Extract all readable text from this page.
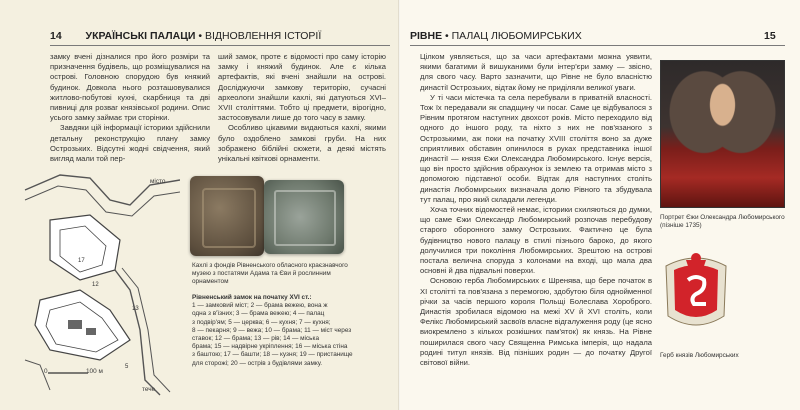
14 УКРАЇНСЬКІ ПАЛАЦИ • ВІДНОВЛЕННЯ ІСТОРІЇ

замку вчені дізналися про його розміри та призначення будівель, що розміщувалися на острові. Головною спорудою був княжий будинок. Довкола нього розташовувалися житлово-побутові кухні, скарбниця та дві пивниці для розваг князівської родини. Опис усього замку займає три сторінки.

Завдяки цій інформації історики здійснили детальну реконструкцію плану замку Острозьких. Відсутні жодні свідчення, який вигляд мали той пер-

ший замок, проте є відомості про саму історію замку і княжий будинок. Але є кілька артефактів, які вчені знайшли на острові. Досліджуючи замкову територію, сучасні археологи знайшли кахлі, які датуються XVI–XVII століттями. Тобто ці предмети, вірогідно, застосовували лише до того часу в замку.

Особливо цікавими видаються кахлі, якими було оздоблено замкові груби. На них зображено біблійні сюжети, а деякі містять унікальні квіткові орнаменти.

5
12
13
17
місто
0	100 м
тече
Кахлі з фондів Рівненського обласного краєзнавчого музею з постатями Адама та Єви й рослинним орнаментом
Рівненський замок на початку XVI ст.:
1 — замковий міст; 2 — брама вежею, вона ж
одна з в'їзних; 3 — брама вежею; 4 — палац
з подвір'ям; 5 — церква; 6 — кухня; 7 — кухня;
8 — пекарня; 9 — вежа; 10 — брама; 11 — міст через
ставок; 12 — брама; 13 — рів; 14 — міська
брама; 15 — надвірне укріплення; 16 — міська стіна
з баштою; 17 — башти; 18 — кузня; 19 — пристанище
для сторожі; 20 — острів з будівлями замку.
РІВНЕ • ПАЛАЦ ЛЮБОМИРСЬКИХ	15

Цілком уявляється, що за часи артефактами можна уявити, якими багатими й вишуканими були інтер'єри замку — звісно, для свого часу. Варто зазначити, що Рівне не було власністю династії Острозьких, відтак йому не приділяли великої уваги.

У ті часи містечка та села перебували в приватній власності. Тож їх передавали як спадщину чи посаг. Саме це відбувалося з Рівним протягом наступних двохсот років. Місто переходило від одного до іншого роду, та ніхто з них не пов'язаного з Острозькими, аж поки на початку XVIII століття воно за дуже сприятливих обставин опинилося в руках представника іншої династії — князя Єжи Олександра Любомирського. Існує версія, що він просто здійснив обрахунок із землею та отримав місто з допомогою підставної особи. Відтак для наступних століть династія Любомирських визначала долю Рівного та збудувала тут палац, про який складали легенди.

Хоча точних відомостей немає, історики схиляються до думки, що саме Єжи Олександр Любомирський розпочав перебудову старого оборонного замку Острозьких. Фактично це була будівництво нового палацу в стилі пізнього бароко, до якого долучилися три покоління Любомирських. Зрештою на острові постала велична споруда з колонами на вході, що мала два основні й два підвальні поверхи.

Основою герба Любомирських є Шренява, що бере початок в XI столітті та пов'язана з перемогою, здобутою біля однойменної річки за часів першого короля Польщі Болеслава Хороброго. Династія зробилася відомою на межі XV й XVI століть, коли Фелікс Любомирський засвоїв власне відгалуження роду (це ясно виокремлено з кількох розкішних пам'яток) як князь. На Рівне поширилася свого часу Священна Римська імперія, що надала родині титул князів. Від пізніших родин — до початку Другої світової війни.

Портрет Єжи Олександра Любомирського (пізніше 1735)
Герб князів Любомирських
